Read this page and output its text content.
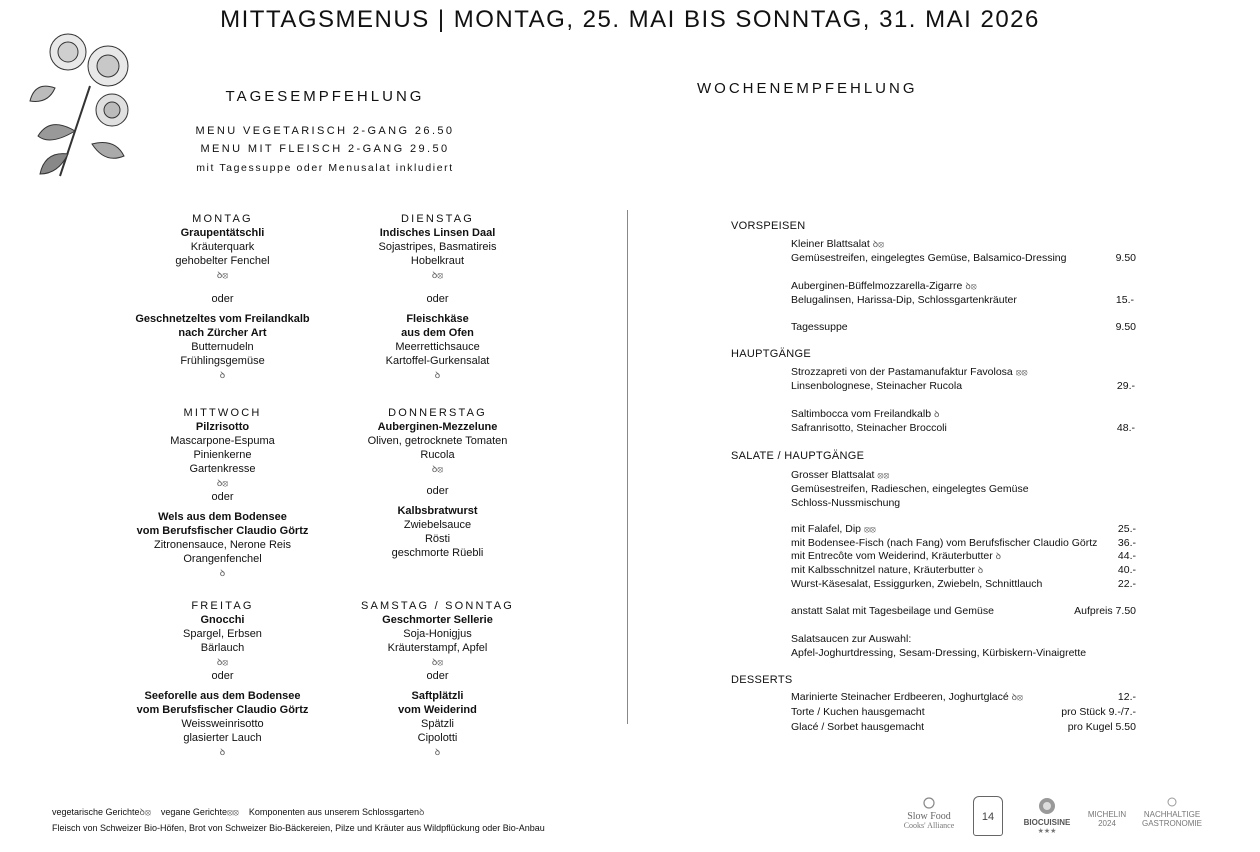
MITTAGSMENUS | MONTAG, 25. MAI BIS SONNTAG, 31. MAI 2026
TAGESEMPFEHLUNG
MENU VEGETARISCH 2-GANG 26.50
MENU MIT FLEISCH 2-GANG 29.50
mit Tagessuppe oder Menusalat inkludiert
MONTAG
Graupentätschli
Kräuterquark
gehobelter Fenchel
ꝺ⦻
oder
Geschnetzeltes vom Freilandkalb
nach Zürcher Art
Butternudeln
Frühlingsgemüse
ꝺ
DIENSTAG
Indisches Linsen Daal
Sojastripes, Basmatireis
Hobelkraut
ꝺ⦻
oder
Fleischkäse
aus dem Ofen
Meerrettichsauce
Kartoffel-Gurkensalat
ꝺ
MITTWOCH
Pilzrisotto
Mascarpone-Espuma
Pinienkerne
Gartenkresse
ꝺ⦻
oder
Wels aus dem Bodensee
vom Berufsfischer Claudio Görtz
Zitronensauce, Nerone Reis
Orangenfenchel
ꝺ
DONNERSTAG
Auberginen-Mezzelune
Oliven, getrocknete Tomaten
Rucola
ꝺ⦻
oder
Kalbsbratwurst
Zwiebelsauce
Rösti
geschmorte Rüebli
FREITAG
Gnocchi
Spargel, Erbsen
Bärlauch
ꝺ⦻
oder
Seeforelle aus dem Bodensee
vom Berufsfischer Claudio Görtz
Weissweinrisotto
glasierter Lauch
ꝺ
SAMSTAG / SONNTAG
Geschmorter Sellerie
Soja-Honigjus
Kräuterstampf, Apfel
ꝺ⦻
oder
Saftplätzli
vom Weiderind
Spätzli
Cipolotti
ꝺ
WOCHENEMPFEHLUNG
VORSPEISEN
Kleiner Blattsalat ꝺ⦻
Gemüsestreifen, eingelegtes Gemüse, Balsamico-Dressing	9.50
Auberginen-Büffelmozzarella-Zigarre ꝺ⦻
Belugalinsen, Harissa-Dip, Schlossgartenkräuter	15.-
Tagessuppe	9.50
HAUPTGÄNGE
Strozzapreti von der Pastamanufaktur Favolosa ⦻⦻
Linsenbolognese, Steinacher Rucola	29.-
Saltimbocca vom Freilandkalb ꝺ
Safranrisotto, Steinacher Broccoli	48.-
SALATE / HAUPTGÄNGE
Grosser Blattsalat ⦻⦻
Gemüsestreifen, Radieschen, eingelegtes Gemüse
Schloss-Nussmischung
mit Falafel, Dip ⦻⦻	25.-
mit Bodensee-Fisch (nach Fang) vom Berufsfischer Claudio Görtz	36.-
mit Entrecôte vom Weiderind, Kräuterbutter ꝺ	44.-
mit Kalbsschnitzel nature, Kräuterbutter ꝺ	40.-
Wurst-Käsesalat, Essiggurken, Zwiebeln, Schnittlauch	22.-
anstatt Salat mit Tagesbeilage und Gemüse	Aufpreis 7.50
Salatsaucen zur Auswahl:
Apfel-Joghurtdressing, Sesam-Dressing, Kürbiskern-Vinaigrette
DESSERTS
Marinierte Steinacher Erdbeeren, Joghurtglacé ꝺ⦻	12.-
Torte / Kuchen hausgemacht	pro Stück 9.-/7.-
Glacé / Sorbet hausgemacht	pro Kugel 5.50
vegetarische Gerichteꝺ⦻ vegane Gerichte⦻⦻ Komponenten aus unserem Schlossgartenꝺ
Fleisch von Schweizer Bio-Höfen, Brot von Schweizer Bio-Bäckereien, Pilze und Kräuter aus Wildpflückung oder Bio-Anbau
Slow Food
Cooks' Alliance
14	BIOCUISINE
★★★
MICHELIN
2024
NACHHALTIGE
GASTRONOMIE
